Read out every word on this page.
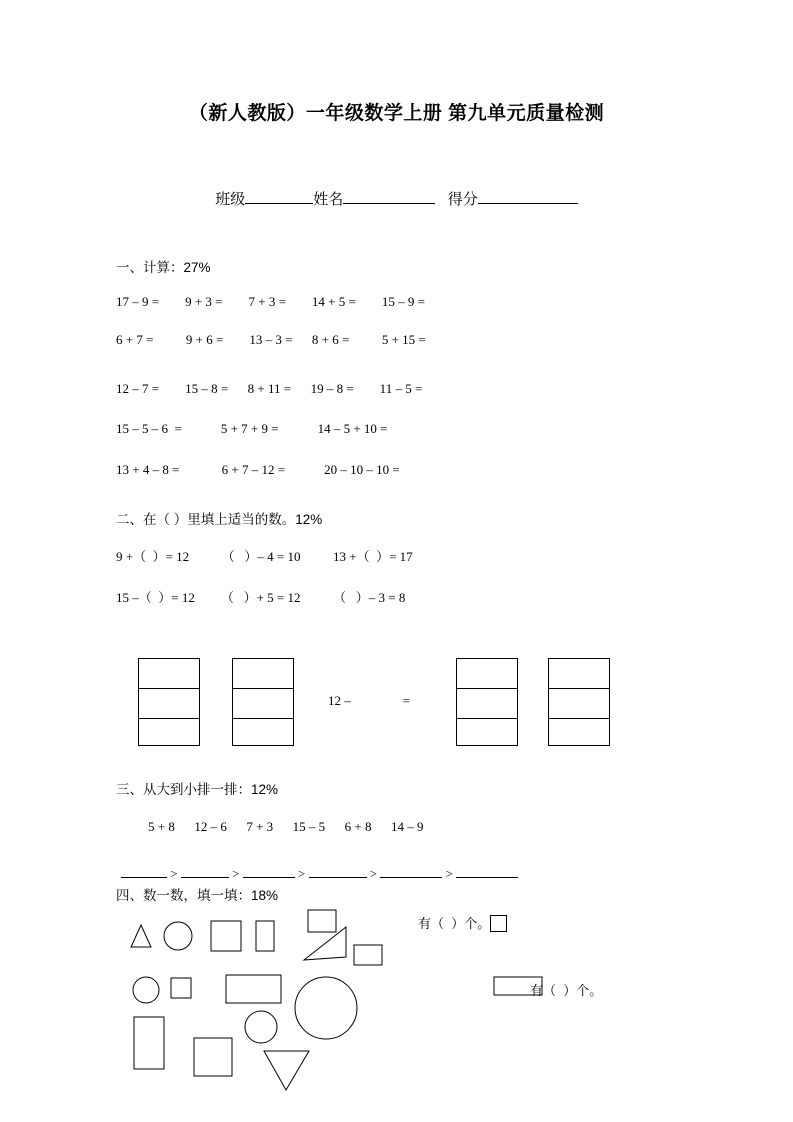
（新人教版）一年级数学上册 第九单元质量检测
班级	姓名	得分
一、计算：27%
17 – 9 =        9 + 3 =        7 + 3 =        14 + 5 =        15 – 9 =
6 + 7 =          9 + 6 =        13 – 3 =      8 + 6 =          5 + 15 =
12 – 7 =        15 – 8 =      8 + 11 =      19 – 8 =        11 – 5 =
15 – 5 – 6  =            5 + 7 + 9 =            14 – 5 + 10 =
13 + 4 – 8 =             6 + 7 – 12 =            20 – 10 – 10 =
二、在（ ）里填上适当的数。12%
9 +（  ）= 12          （   ）– 4 = 10          13 +（  ）= 17
15 –（  ）= 12        （   ）+ 5 = 12          （   ）– 3 = 8
12 –                =
三、从大到小排一排：12%
5 + 8      12 – 6      7 + 3      15 – 5      6 + 8      14 – 9

>	>	>	>	>

四、数一数，填一填：18%
有（  ）个。
有（  ）个。
